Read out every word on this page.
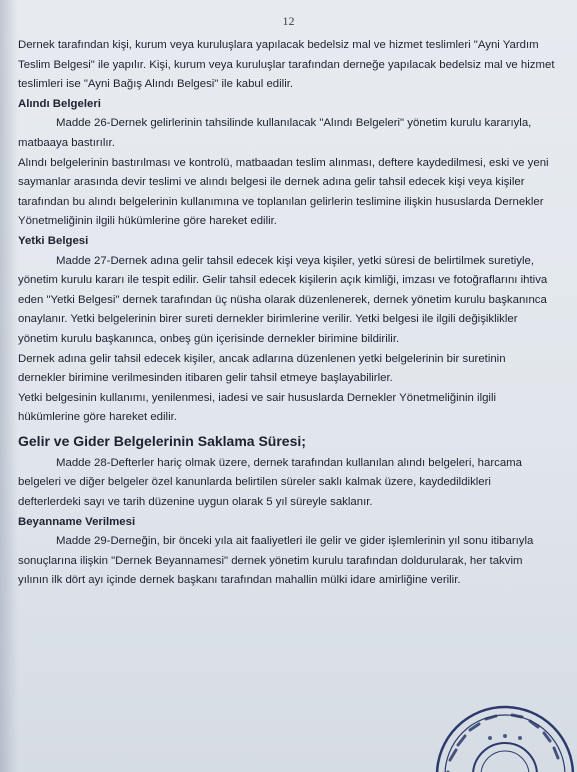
12

Dernek tarafından kişi, kurum veya kuruluşlara yapılacak bedelsiz mal ve hizmet teslimleri "Ayni Yardım Teslim Belgesi" ile yapılır. Kişi, kurum veya kuruluşlar tarafından derneğe yapılacak bedelsiz mal ve hizmet teslimleri ise "Ayni Bağış Alındı Belgesi" ile kabul edilir.

Alındı Belgeleri

Madde 26-Dernek gelirlerinin tahsilinde kullanılacak "Alındı Belgeleri" yönetim kurulu kararıyla, matbaaya bastırılır.

Alındı belgelerinin bastırılması ve kontrolü, matbaadan teslim alınması, deftere kaydedilmesi, eski ve yeni saymanlar arasında devir teslimi ve alındı belgesi ile dernek adına gelir tahsil edecek kişi veya kişiler tarafından bu alındı belgelerinin kullanımına ve toplanılan gelirlerin teslimine ilişkin hususlarda Dernekler Yönetmeliğinin ilgili hükümlerine göre hareket edilir.

Yetki Belgesi

Madde 27-Dernek adına gelir tahsil edecek kişi veya kişiler, yetki süresi de belirtilmek suretiyle, yönetim kurulu kararı ile tespit edilir. Gelir tahsil edecek kişilerin açık kimliği, imzası ve fotoğraflarını ihtiva eden "Yetki Belgesi" dernek tarafından üç nüsha olarak düzenlenerek, dernek yönetim kurulu başkanınca onaylanır. Yetki belgelerinin birer sureti dernekler birimlerine verilir. Yetki belgesi ile ilgili değişiklikler yönetim kurulu başkanınca, onbeş gün içerisinde dernekler birimine bildirilir.

Dernek adına gelir tahsil edecek kişiler, ancak adlarına düzenlenen yetki belgelerinin bir suretinin dernekler birimine verilmesinden itibaren gelir tahsil etmeye başlayabilirler.

Yetki belgesinin kullanımı, yenilenmesi, iadesi ve sair hususlarda Dernekler Yönetmeliğinin ilgili hükümlerine göre hareket edilir.

Gelir ve Gider Belgelerinin Saklama Süresi;

Madde 28-Defterler hariç olmak üzere, dernek tarafından kullanılan alındı belgeleri, harcama belgeleri ve diğer belgeler özel kanunlarda belirtilen süreler saklı kalmak üzere, kaydedildikleri defterlerdeki sayı ve tarih düzenine uygun olarak 5 yıl süreyle saklanır.

Beyanname Verilmesi

Madde 29-Derneğin, bir önceki yıla ait faaliyetleri ile gelir ve gider işlemlerinin yıl sonu itibarıyla sonuçlarına ilişkin "Dernek Beyannamesi" dernek yönetim kurulu tarafından doldurularak, her takvim yılının ilk dört ayı içinde dernek başkanı tarafından mahallin mülki idare amirliğine verilir.
